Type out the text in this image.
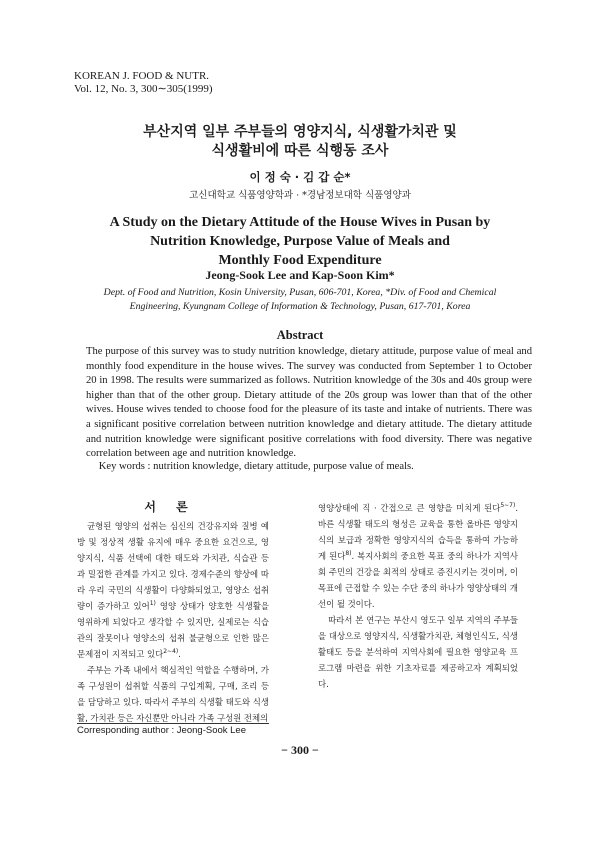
KOREAN J. FOOD & NUTR.
Vol. 12, No. 3, 300∼305(1999)
부산지역 일부 주부들의 영양지식, 식생활가치관 및
식생활비에 따른 식행동 조사
이 정 숙 · 김 갑 순*
고신대학교 식품영양학과 · *경남정보대학 식품영양과
A Study on the Dietary Attitude of the House Wives in Pusan by
Nutrition Knowledge, Purpose Value of Meals and
Monthly Food Expenditure
Jeong-Sook Lee and Kap-Soon Kim*
Dept. of Food and Nutrition, Kosin University, Pusan, 606-701, Korea, *Div. of Food and Chemical
Engineering, Kyungnam College of Information & Technology, Pusan, 617-701, Korea
Abstract

The purpose of this survey was to study nutrition knowledge, dietary attitude, purpose value of meal and monthly food expenditure in the house wives. The survey was conducted from September 1 to October 20 in 1998. The results were summarized as follows. Nutrition knowledge of the 30s and 40s group were higher than that of the other group. Dietary attitude of the 20s group was lower than that of the other wives. House wives tended to choose food for the pleasure of its taste and intake of nutrients. There was a significant positive correlation between nutrition knowledge and dietary attitude. The dietary attitude and nutrition knowledge were significant positive correlations with food diversity. There was negative correlation between age and nutrition knowledge.

Key words : nutrition knowledge, dietary attitude, purpose value of meals.
서 론

균형된 영양의 섭취는 심신의 건강유지와 질병 예방 및 정상적 생활 유지에 매우 중요한 요건으로, 영양지식, 식품 선택에 대한 태도와 가치관, 식습관 등과 밀접한 관계를 가지고 있다. 경제수준의 향상에 따라 우리 국민의 식생활이 다양화되었고, 영양소 섭취량이 증가하고 있어$^{1)}$ 영양 상태가 양호한 식생활을 영위하게 되었다고 생각할 수 있지만, 실제로는 식습관의 잘못이나 영양소의 섭취 불균형으로 인한 많은 문제점이 지적되고 있다$^{2\sim 4)}$.

주부는 가족 내에서 핵심적인 역할을 수행하며, 가족 구성원이 섭취할 식품의 구입계획, 구매, 조리 등을 담당하고 있다. 따라서 주부의 식생활 태도와 식생활, 가치관 등은 자신뿐만 아니라 가족 구성원 전체의

영양상태에 직 · 간접으로 큰 영향을 미치게 된다$^{5\sim 7)}$. 바른 식생활 태도의 형성은 교육을 통한 올바른 영양지식의 보급과 정확한 영양지식의 습득을 통하여 가능하게 된다$^{8)}$. 복지사회의 중요한 목표 중의 하나가 지역사회 주민의 건강을 최적의 상태로 증진시키는 것이며, 이 목표에 근접할 수 있는 수단 중의 하나가 영양상태의 개선이 될 것이다.

따라서 본 연구는 부산시 영도구 일부 지역의 주부들을 대상으로 영양지식, 식생활가치관, 체형인식도, 식생활태도 등을 분석하여 지역사회에 필요한 영양교육 프로그램 마련을 위한 기초자료를 제공하고자 계획되었다.

Corresponding author : Jeong-Sook Lee
− 300 −
